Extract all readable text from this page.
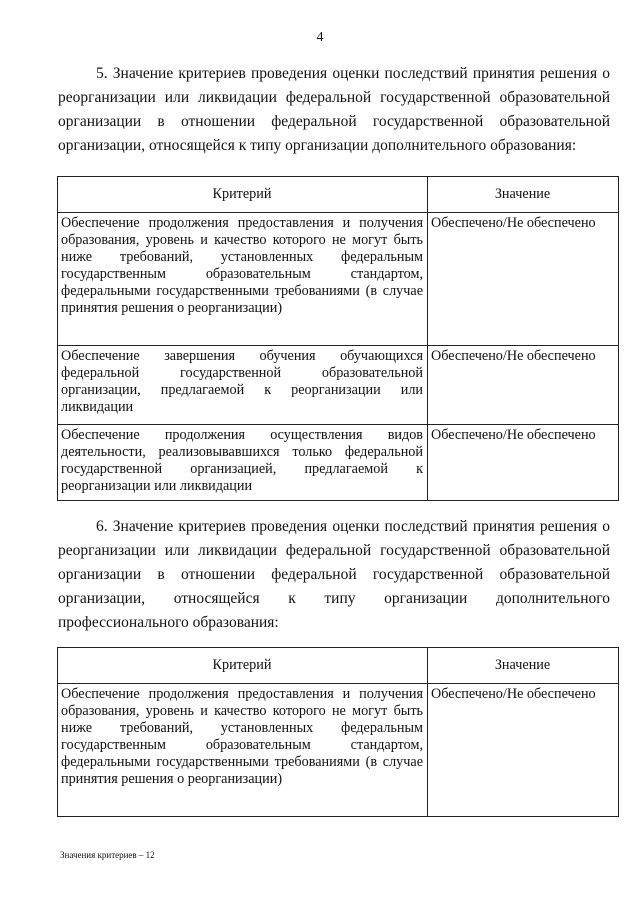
4

5. Значение критериев проведения оценки последствий принятия решения о реорганизации или ликвидации федеральной государственной образовательной организации в отношении федеральной государственной образовательной организации, относящейся к типу организации дополнительного образования:

Критерий	Значение
Обеспечение продолжения предоставления и получения образования, уровень и качество которого не могут быть ниже требований, установленных федеральным государственным образовательным стандартом, федеральными государственными требованиями (в случае принятия решения о реорганизации)	Обеспечено/Не обеспечено
Обеспечение завершения обучения обучающихся федеральной государственной образовательной организации, предлагаемой к реорганизации или ликвидации	Обеспечено/Не обеспечено
Обеспечение продолжения осуществления видов деятельности, реализовывавшихся только федеральной государственной организацией, предлагаемой к реорганизации или ликвидации	Обеспечено/Не обеспечено

6. Значение критериев проведения оценки последствий принятия решения о реорганизации или ликвидации федеральной государственной образовательной организации в отношении федеральной государственной образовательной организации, относящейся к типу организации дополнительного профессионального образования:

Критерий	Значение
Обеспечение продолжения предоставления и получения образования, уровень и качество которого не могут быть ниже требований, установленных федеральным государственным образовательным стандартом, федеральными государственными требованиями (в случае принятия решения о реорганизации)	Обеспечено/Не обеспечено
Значения критериев – 12
